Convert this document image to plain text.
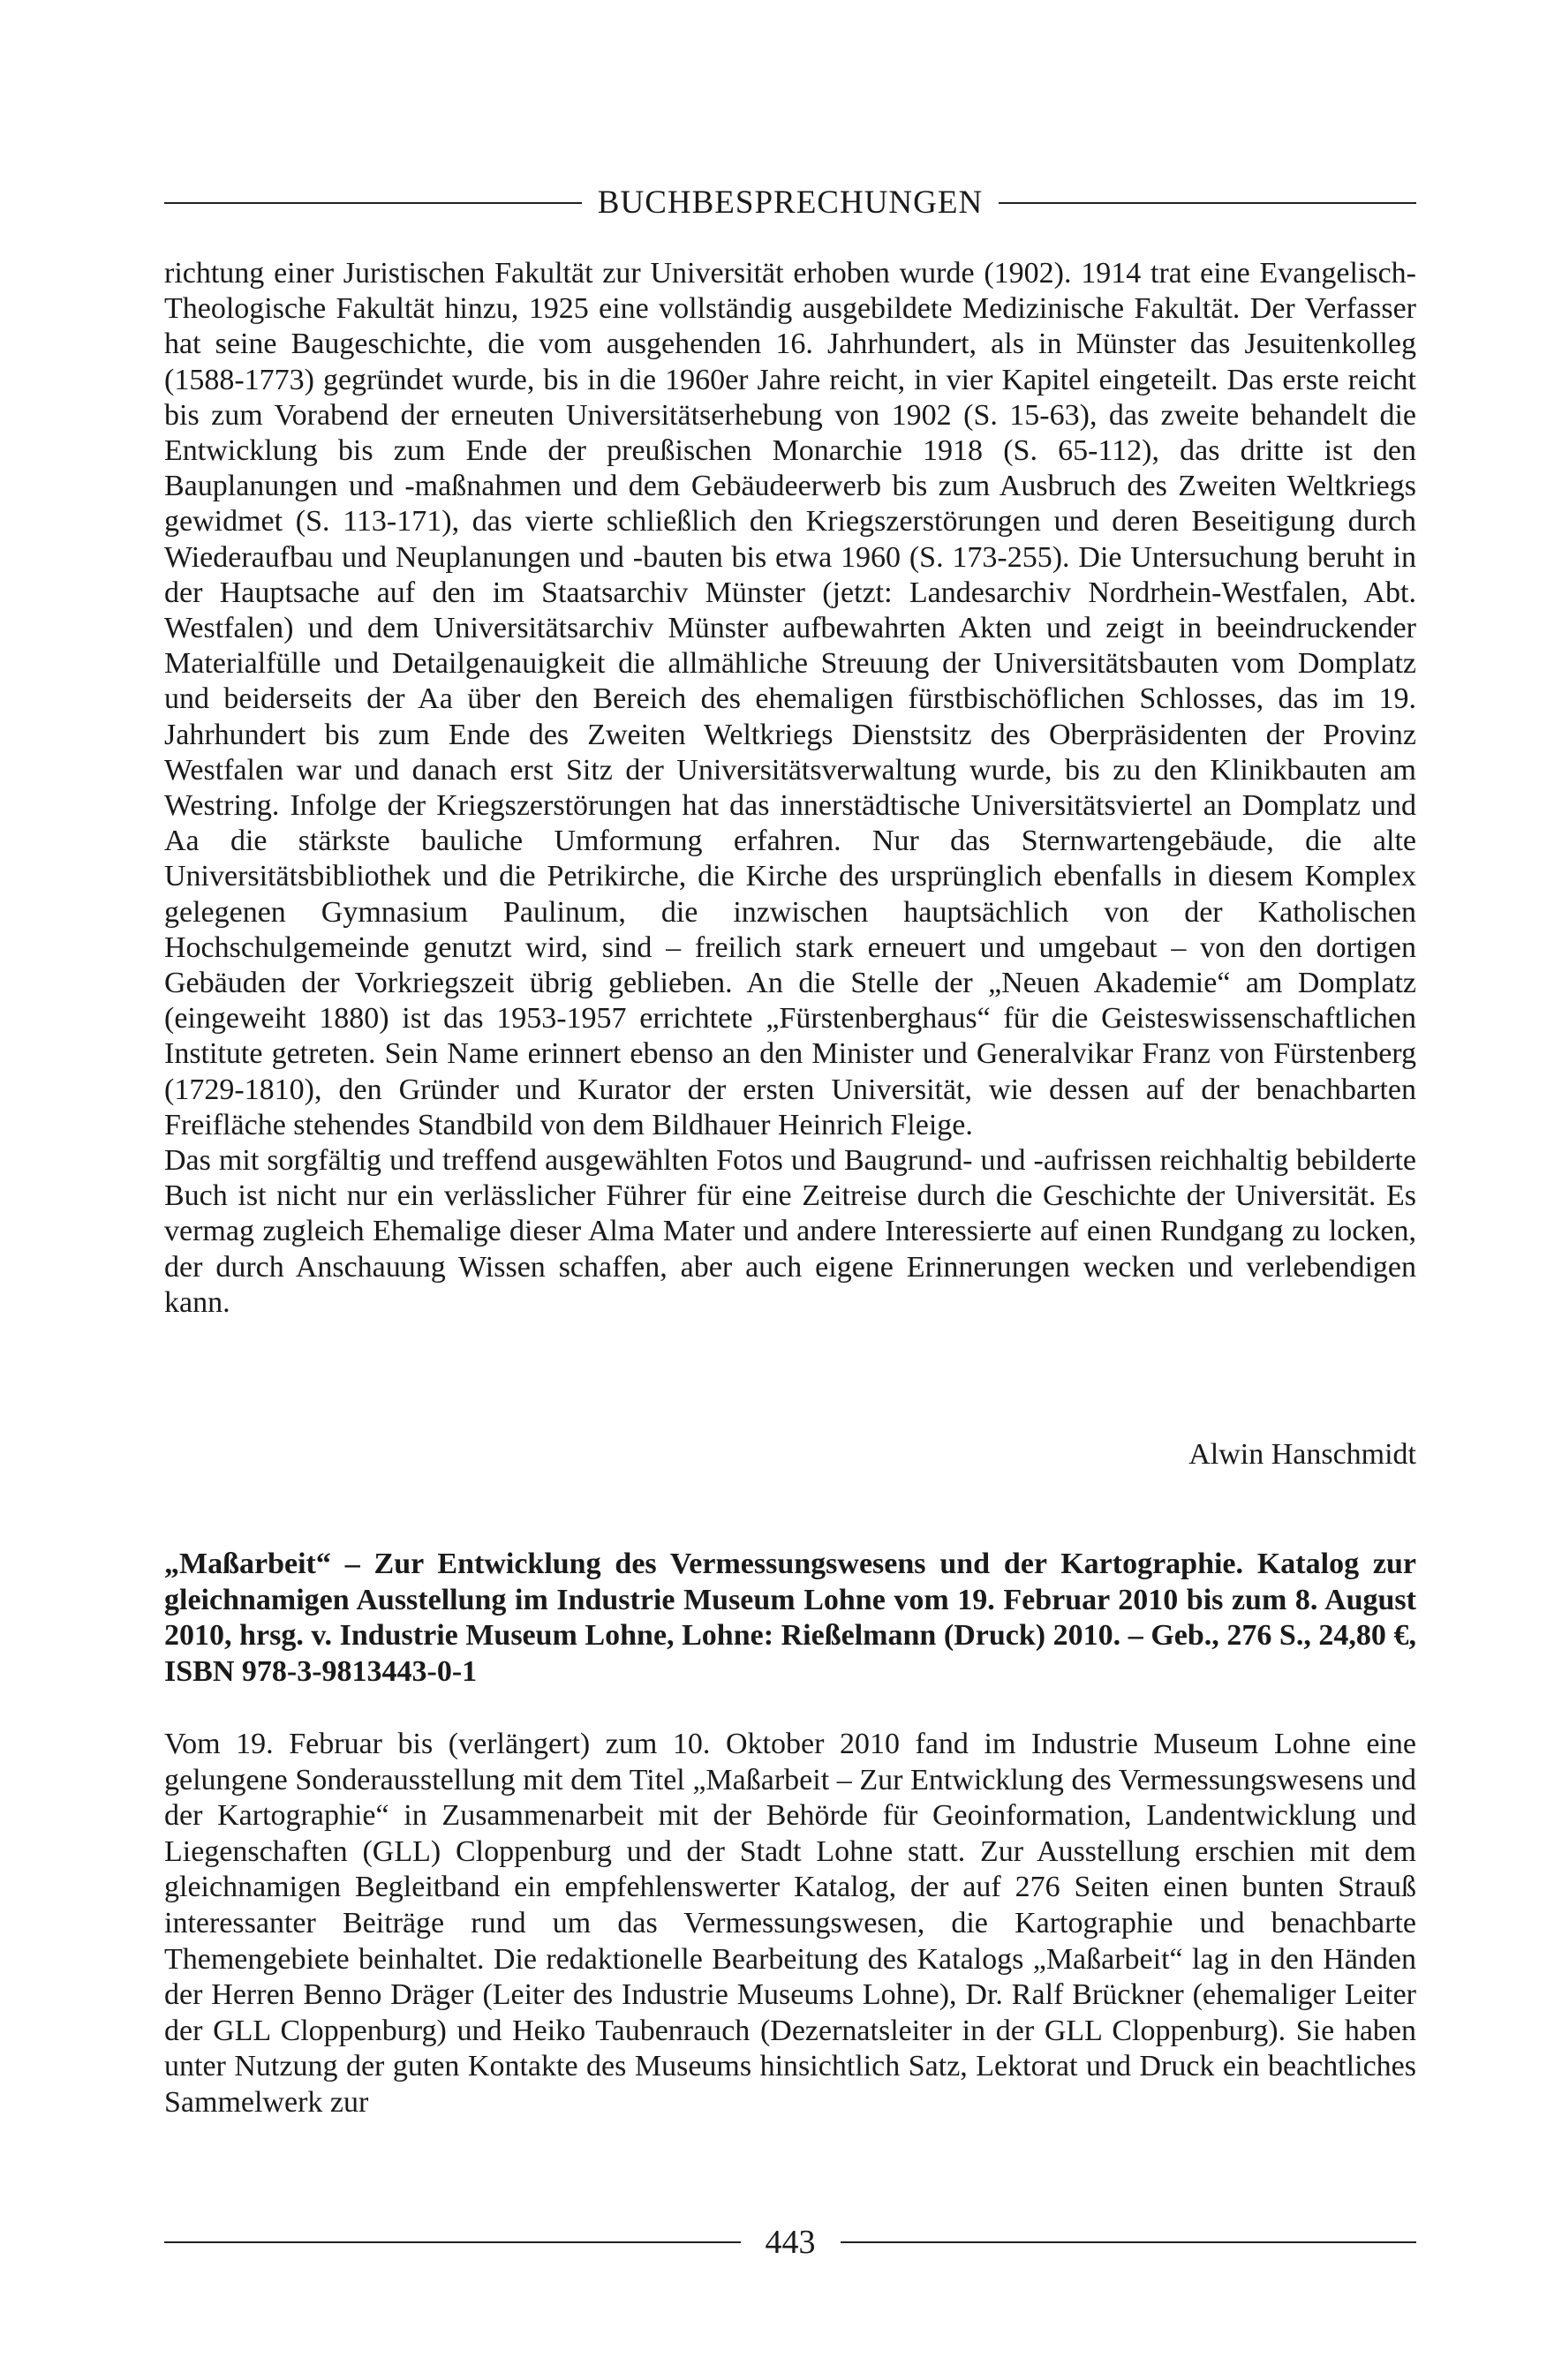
BUCHBESPRECHUNGEN

richtung einer Juristischen Fakultät zur Universität erhoben wurde (1902). 1914 trat eine Evangelisch-Theologische Fakultät hinzu, 1925 eine vollständig ausgebildete Medizinische Fakultät. Der Verfasser hat seine Baugeschichte, die vom ausgehenden 16. Jahrhundert, als in Münster das Jesuitenkolleg (1588-1773) gegründet wurde, bis in die 1960er Jahre reicht, in vier Kapitel eingeteilt. Das erste reicht bis zum Vorabend der erneuten Universitätserhebung von 1902 (S. 15-63), das zweite behandelt die Entwicklung bis zum Ende der preußischen Monarchie 1918 (S. 65-112), das dritte ist den Bauplanungen und -maßnahmen und dem Gebäudeerwerb bis zum Ausbruch des Zweiten Weltkriegs gewidmet (S. 113-171), das vierte schließlich den Kriegszerstörungen und deren Beseitigung durch Wiederaufbau und Neuplanungen und -bauten bis etwa 1960 (S. 173-255). Die Untersuchung beruht in der Hauptsache auf den im Staatsarchiv Münster (jetzt: Landesarchiv Nordrhein-Westfalen, Abt. Westfalen) und dem Universitätsarchiv Münster aufbewahrten Akten und zeigt in beeindruckender Materialfülle und Detailgenauigkeit die allmähliche Streuung der Universitätsbauten vom Domplatz und beiderseits der Aa über den Bereich des ehemaligen fürstbischöflichen Schlosses, das im 19. Jahrhundert bis zum Ende des Zweiten Weltkriegs Dienstsitz des Oberpräsidenten der Provinz Westfalen war und danach erst Sitz der Universitätsverwaltung wurde, bis zu den Klinikbauten am Westring. Infolge der Kriegszerstörungen hat das innerstädtische Universitätsviertel an Domplatz und Aa die stärkste bauliche Umformung erfahren. Nur das Sternwartengebäude, die alte Universitätsbibliothek und die Petrikirche, die Kirche des ursprünglich ebenfalls in diesem Komplex gelegenen Gymnasium Paulinum, die inzwischen hauptsächlich von der Katholischen Hochschulgemeinde genutzt wird, sind – freilich stark erneuert und umgebaut – von den dortigen Gebäuden der Vorkriegszeit übrig geblieben. An die Stelle der „Neuen Akademie“ am Domplatz (eingeweiht 1880) ist das 1953-1957 errichtete „Fürstenberghaus“ für die Geisteswissenschaftlichen Institute getreten. Sein Name erinnert ebenso an den Minister und Generalvikar Franz von Fürstenberg (1729-1810), den Gründer und Kurator der ersten Universität, wie dessen auf der benachbarten Freifläche stehendes Standbild von dem Bildhauer Heinrich Fleige.

Das mit sorgfältig und treffend ausgewählten Fotos und Baugrund- und -aufrissen reichhaltig bebilderte Buch ist nicht nur ein verlässlicher Führer für eine Zeitreise durch die Geschichte der Universität. Es vermag zugleich Ehemalige dieser Alma Mater und andere Interessierte auf einen Rundgang zu locken, der durch Anschauung Wissen schaffen, aber auch eigene Erinnerungen wecken und verlebendigen kann.

Alwin Hanschmidt
„Maßarbeit“ – Zur Entwicklung des Vermessungswesens und der Kartographie. Katalog zur gleichnamigen Ausstellung im Industrie Museum Lohne vom 19. Februar 2010 bis zum 8. August 2010, hrsg. v. Industrie Museum Lohne, Lohne: Rießelmann (Druck) 2010. – Geb., 276 S., 24,80 €, ISBN 978-3-9813443-0-1
Vom 19. Februar bis (verlängert) zum 10. Oktober 2010 fand im Industrie Museum Lohne eine gelungene Sonderausstellung mit dem Titel „Maßarbeit – Zur Entwicklung des Vermessungswesens und der Kartographie“ in Zusammenarbeit mit der Behörde für Geoinformation, Landentwicklung und Liegenschaften (GLL) Cloppenburg und der Stadt Lohne statt. Zur Ausstellung erschien mit dem gleichnamigen Begleitband ein empfehlenswerter Katalog, der auf 276 Seiten einen bunten Strauß interessanter Beiträge rund um das Vermessungswesen, die Kartographie und benachbarte Themengebiete beinhaltet. Die redaktionelle Bearbeitung des Katalogs „Maßarbeit“ lag in den Händen der Herren Benno Dräger (Leiter des Industrie Museums Lohne), Dr. Ralf Brückner (ehemaliger Leiter der GLL Cloppenburg) und Heiko Taubenrauch (Dezernatsleiter in der GLL Cloppenburg). Sie haben unter Nutzung der guten Kontakte des Museums hinsichtlich Satz, Lektorat und Druck ein beachtliches Sammelwerk zur
443
